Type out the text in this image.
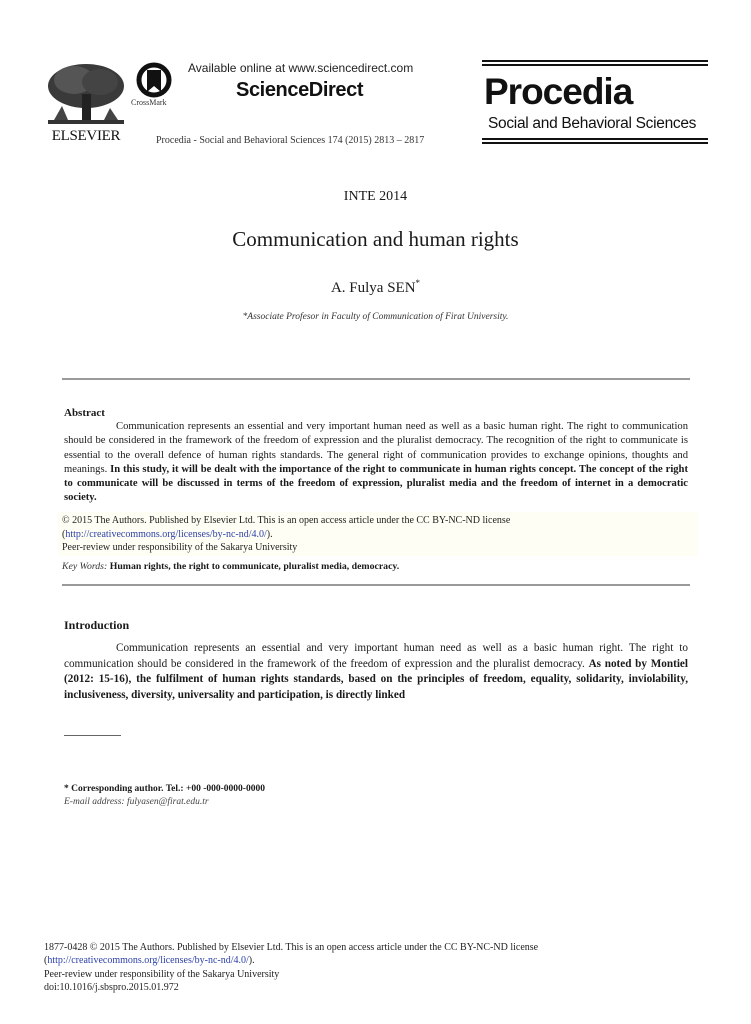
ELSEVIER
CrossMark
Available online at www.sciencedirect.com
ScienceDirect
Procedia - Social and Behavioral Sciences 174 (2015) 2813 – 2817
Procedia
Social and Behavioral Sciences
INTE 2014
Communication and human rights
A. Fulya SEN*
*Associate Profesor in Faculty of Communication of Firat University.
Abstract

Communication represents an essential and very important human need as well as a basic human right. The right to communication should be considered in the framework of the freedom of expression and the pluralist democracy. The recognition of the right to communicate is essential to the overall defence of human rights standards. The general right of communication provides to exchange opinions, thoughts and meanings. In this study, it will be dealt with the importance of the right to communicate in human rights concept. The concept of the right to communicate will be discussed in terms of the freedom of expression, pluralist media and the freedom of internet in a democratic society.

© 2015 The Authors. Published by Elsevier Ltd. This is an open access article under the CC BY-NC-ND license
(http://creativecommons.org/licenses/by-nc-nd/4.0/).
Peer-review under responsibility of the Sakarya University
Key Words: Human rights, the right to communicate, pluralist media, democracy.
Introduction

Communication represents an essential and very important human need as well as a basic human right. The right to communication should be considered in the framework of the freedom of expression and the pluralist democracy. As noted by Montiel (2012: 15-16), the fulfilment of human rights standards, based on the principles of freedom, equality, solidarity, inviolability, inclusiveness, diversity, universality and participation, is directly linked

* Corresponding author. Tel.: +00 -000-0000-0000
E-mail address: fulyasen@firat.edu.tr
1877-0428 © 2015 The Authors. Published by Elsevier Ltd. This is an open access article under the CC BY-NC-ND license
(http://creativecommons.org/licenses/by-nc-nd/4.0/).
Peer-review under responsibility of the Sakarya University
doi:10.1016/j.sbspro.2015.01.972
